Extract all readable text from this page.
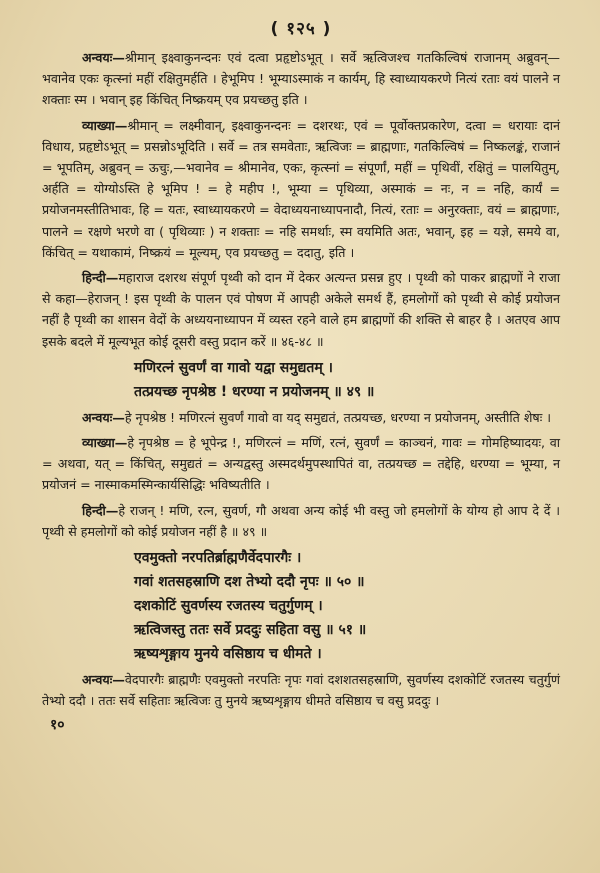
( १२५ )

अन्वयः—श्रीमान् इक्ष्वाकुनन्दनः एवं दत्वा प्रहृष्टोऽभूत् । सर्वे ऋत्विजश्च गतकिल्विषं राजानम् अब्रुवन्—भवानेव एकः कृत्स्नां महीं रक्षितुमर्हति । हेभूमिप ! भूम्याऽस्माकं न कार्यम्, हि स्वाध्यायकरणे नित्यं रताः वयं पालने न शक्ताः स्म । भवान् इह किंचित् निष्क्रयम् एव प्रयच्छतु इति ।

व्याख्या—श्रीमान् = लक्ष्मीवान्, इक्ष्वाकुनन्दनः = दशरथः, एवं = पूर्वोक्तप्रकारेण, दत्वा = धरायाः दानं विधाय, प्रहृष्टोऽभूत् = प्रसन्नोऽभूदिति । सर्वे = तत्र समवेताः, ऋत्विजः = ब्राह्मणाः, गतकिल्विषं = निष्कलङ्कं, राजानं = भूपतिम्, अब्रुवन् = ऊचुः,—भवानेव = श्रीमानेव, एकः, कृत्स्नां = संपूर्णां, महीं = पृथिवीं, रक्षितुं = पालयितुम्, अर्हति = योग्योऽस्ति हे भूमिप ! = हे महीप !, भूम्या = पृथिव्या, अस्माकं = नः, न = नहि, कार्यं = प्रयोजनमस्तीतिभावः, हि = यतः, स्वाध्यायकरणे = वेदाध्ययनाध्यापनादौ, नित्यं, रताः = अनुरक्ताः, वयं = ब्राह्मणाः, पालने = रक्षणे भरणे वा ( पृथिव्याः ) न शक्ताः = नहि समर्थाः, स्म वयमिति अतः, भवान्, इह = यज्ञे, समये वा, किंचित् = यथाकामं, निष्क्रयं = मूल्यम्, एव प्रयच्छतु = ददातु, इति ।

हिन्दी—महाराज दशरथ संपूर्ण पृथ्वी को दान में देकर अत्यन्त प्रसन्न हुए । पृथ्वी को पाकर ब्राह्मणों ने राजा से कहा—हेराजन् ! इस पृथ्वी के पालन एवं पोषण में आपही अकेले समर्थ हैं, हमलोगों को पृथ्वी से कोई प्रयोजन नहीं है पृथ्वी का शासन वेदों के अध्ययनाध्यापन में व्यस्त रहने वाले हम ब्राह्मणों की शक्ति से बाहर है । अतएव आप इसके बदले में मूल्यभूत कोई दूसरी वस्तु प्रदान करें ॥ ४६-४८ ॥

मणिरत्नं सुवर्णं वा गावो यद्वा समुद्यतम् ।
तत्प्रयच्छ नृपश्रेष्ठ ! धरण्या न प्रयोजनम् ॥ ४९ ॥

अन्वयः—हे नृपश्रेष्ठ ! मणिरत्नं सुवर्णं गावो वा यद् समुद्यतं, तत्प्रयच्छ, धरण्या न प्रयोजनम्, अस्तीति शेषः ।

व्याख्या—हे नृपश्रेष्ठ = हे भूपेन्द्र !, मणिरत्नं = मणिं, रत्नं, सुवर्णं = काञ्चनं, गावः = गोमहिष्यादयः, वा = अथवा, यत् = किंचित्, समुद्यतं = अन्यद्वस्तु अस्मदर्थमुपस्थापितं वा, तत्प्रयच्छ = तद्देहि, धरण्या = भूम्या, न प्रयोजनं = नास्माकमस्मिन्कार्यसिद्धिः भविष्यतीति ।

हिन्दी—हे राजन् ! मणि, रत्न, सुवर्ण, गौ अथवा अन्य कोई भी वस्तु जो हमलोगों के योग्य हो आप दे दें । पृथ्वी से हमलोगों को कोई प्रयोजन नहीं है ॥ ४९ ॥

एवमुक्तो नरपतिर्ब्राह्मणैर्वेदपारगैः ।
गवां शतसहस्राणि दश तेभ्यो ददौ नृपः ॥ ५० ॥
दशकोटिं सुवर्णस्य रजतस्य चतुर्गुणम् ।
ऋत्विजस्तु ततः सर्वे प्रददुः सहिता वसु ॥ ५१ ॥
ऋष्यशृङ्गाय मुनये वसिष्ठाय च धीमते ।

अन्वयः—वेदपारगैः ब्राह्मणैः एवमुक्तो नरपतिः नृपः गवां दशशतसहस्राणि, सुवर्णस्य दशकोटिं रजतस्य चतुर्गुणं तेभ्यो ददौ । ततः सर्वे सहिताः ऋत्विजः तु मुनये ऋष्यशृङ्गाय धीमते वसिष्ठाय च वसु प्रददुः ।

१०
